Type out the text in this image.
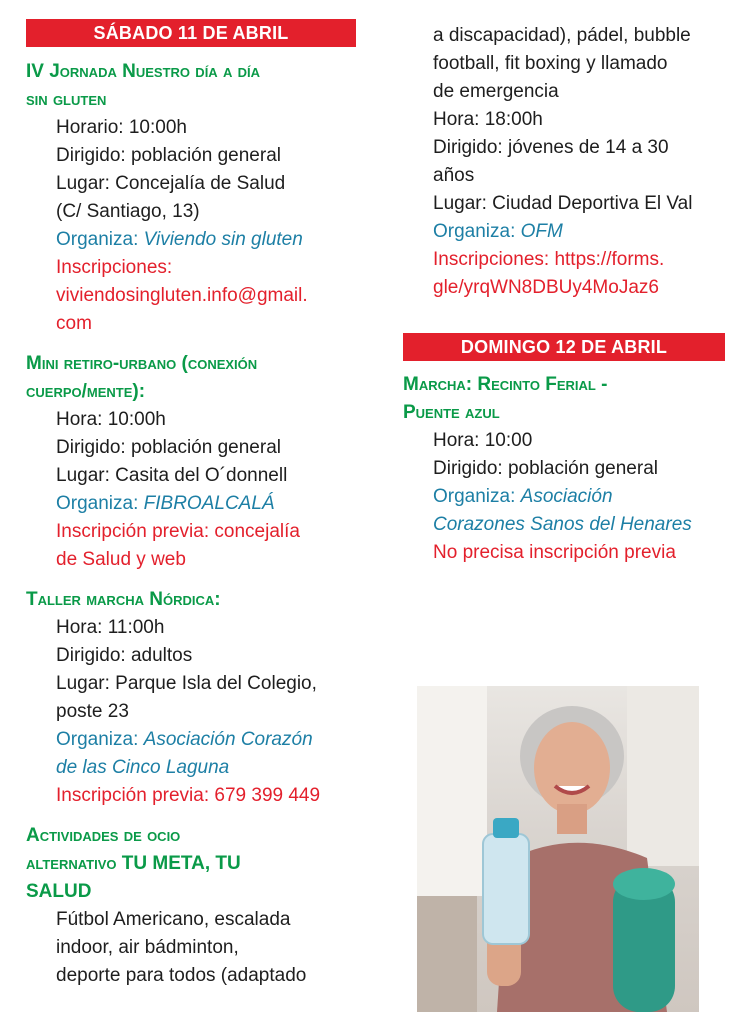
SÁBADO 11 DE ABRIL
IV Jornada Nuestro día a día
sin gluten
Horario: 10:00h
Dirigido: población general
Lugar: Concejalía de Salud
(C/ Santiago, 13)
Organiza: Viviendo sin gluten
Inscripciones:
viviendosingluten.info@gmail.
com
Mini retiro-urbano (conexión
cuerpo/mente):
Hora: 10:00h
Dirigido: población general
Lugar: Casita del O´donnell
Organiza: FIBROALCALÁ
Inscripción previa: concejalía
de Salud y web
Taller marcha Nórdica:
Hora: 11:00h
Dirigido: adultos
Lugar: Parque Isla del Colegio,
poste 23
Organiza: Asociación Corazón
de las Cinco Laguna
Inscripción previa: 679 399 449
Actividades de ocio
alternativo TU META, TU
SALUD
Fútbol Americano, escalada
indoor, air bádminton,
deporte para todos (adaptado
a discapacidad), pádel, bubble
football, fit boxing y llamado
de emergencia
Hora: 18:00h
Dirigido: jóvenes de 14 a 30
años
Lugar: Ciudad Deportiva El Val
Organiza: OFM
Inscripciones: https://forms.
gle/yrqWN8DBUy4MoJaz6
DOMINGO 12 DE ABRIL
Marcha: Recinto Ferial -
Puente azul
Hora: 10:00
Dirigido: población general
Organiza: Asociación
Corazones Sanos del Henares
No precisa inscripción previa
